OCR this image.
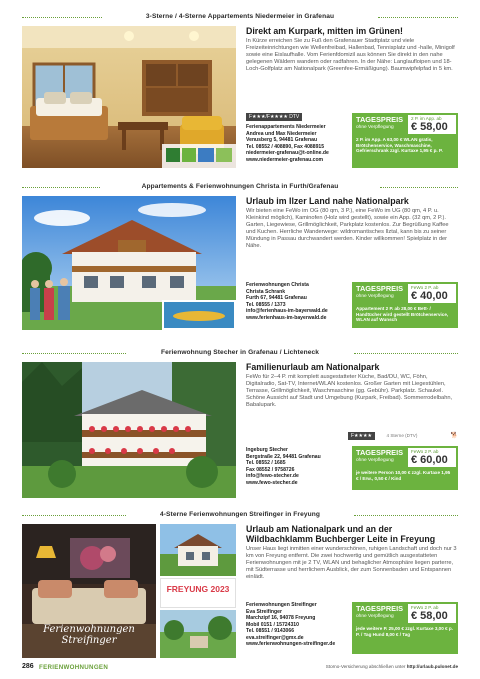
3-Sterne / 4-Sterne Appartements Niedermeier in Grafenau

Direkt am Kurpark, mitten im Grünen!

In Kürze erreichen Sie zu Fuß den Grafenauer Stadtplatz und viele Freizeiteinrichtungen wie Wellenfreibad, Hallenbad, Tennisplatz und -halle, Minigolf sowie eine Eislaufhalle. Vom Ferienfdomizil aus können Sie direkt in den nahe gelegenen Wäldern wandern oder radfahren. In der Nähe: Langlaufloipen und 18-Loch-Golfplatz am Nationalpark (Greenfee-Ermäßigung). Baumwipfelpfad in 5 km.

F★★★/F★★★★ DTV
Ferienappartements Niedermeier
Andrea und Max Niedermeier
Venusberg 5, 94481 Grafenau
Tel. 08552 / 408890, Fax 4088915
niedermeier-grafenau@t-online.de
www.niedermeier-grafenau.com
TAGESPREIS
ohne Verpflegung
2 P. im App. ab
€ 58,00
2 P. im App. A 63,00 € WLAN gratis, Brötchenservice, Waschmaschine, Gefrierschrank zzgl. Kurtaxe 1,95 € p. P.
Appartements & Ferienwohnungen Christa in Furth/Grafenau

Urlaub im Ilzer Land nahe Nationalpark

Wir bieten eine FeWo im OG (80 qm, 3 P.), eine FeWo im UG (80 qm, 4 P. u. Kleinkind möglich), Kaminofen (Holz wird gestellt), sowie ein App. (32 qm, 2 P.). Garten, Liegewiese, Grillmöglichkeit, Parkplatz kostenlos. Zur Begrüßung Kaffee und Kuchen. Herrliche Wanderwege: wildromantisches Ilztal, kann bis zu seiner Mündung in Passau durchwandert werden. Kinder willkommen! Spielplatz in der Nähe.

Ferienwohnungen Christa
Christa Schrank
Furth 67, 94481 Grafenau
Tel. 08555 / 1373
info@ferienhaus-im-bayerwald.de
www.ferienhaus-im-bayerwald.de
TAGESPREIS
ohne Verpflegung
FeWo 2 P. ab
€ 40,00
Appartement 2 P. ab 28,00 € Bett- / Handtücher wird gestellt Brötchenservice, WLAN auf Wunsch
Ferienwohnung Stecher in Grafenau / Lichteneck

Familienurlaub am Nationalpark

FeWo für 2–4 P. mit komplett ausgestatteter Küche, Bad/DU, WC, Föhn, Digitalradio, Sat-TV, Internet/WLAN kostenlos. Großer Garten mit Liegestühlen, Terrasse, Grillmöglichkeit, Waschmaschine (gg. Gebühr). Parkplatz. Schaukel. Schöne Aussicht auf Stadt und Umgebung (Kurpark, Freibad). Sommerrodelbahn, Babalupark.

F★★★★	4 Sterne (DTV)	🐕
Ingeburg Stecher
Bergstraße 22, 94481 Grafenau
Tel. 08552 / 1685
Fax 08552 / 9758726
info@fewo-stecher.de
www.fewo-stecher.de
TAGESPREIS
ohne Verpflegung
FeWo 2 P. ab
€ 60,00
je weitere Person 10,00 € zzgl. Kurtaxe 1,95 € / Erw., 0,50 € / Kind
4-Sterne Ferienwohnungen Streifinger in Freyung
Ferienwohnungen Streifinger
FREYUNG 2023

Urlaub am Nationalpark und an der Wildbachklamm Buchberger Leite in Freyung

Unser Haus liegt inmitten einer wunderschönen, ruhigen Landschaft und doch nur 3 km von Freyung entfernt. Die zwei hochwertig und gemütlich ausgestatteten Ferienwohnungen mit je 2 TV, WLAN und behaglicher Atmosphäre liegen parterre, mit Südterrasse und herrlichem Ausblick, der zum Sonnenbaden und Entspannen einlädt.

Ferienwohnungen Streifinger
Eva Streifinger
Marchzipf 16, 94078 Freyung
Mobil 0151 / 15724310
Tel. 08551 / 9143066
eva.streifinger@gmx.de
www.ferienwohnungen-streifinger.de
TAGESPREIS
ohne Verpflegung
FeWo 2 P. ab
€ 58,00
jede weitere P. 25,00 € zzgl. Kurtaxe 3,00 € p. P. / Tag Hund 8,00 € / Tag
286 FERIENWOHNUNGEN	Storno-Versicherung abschließen unter http://urlaub.pulonet.de
